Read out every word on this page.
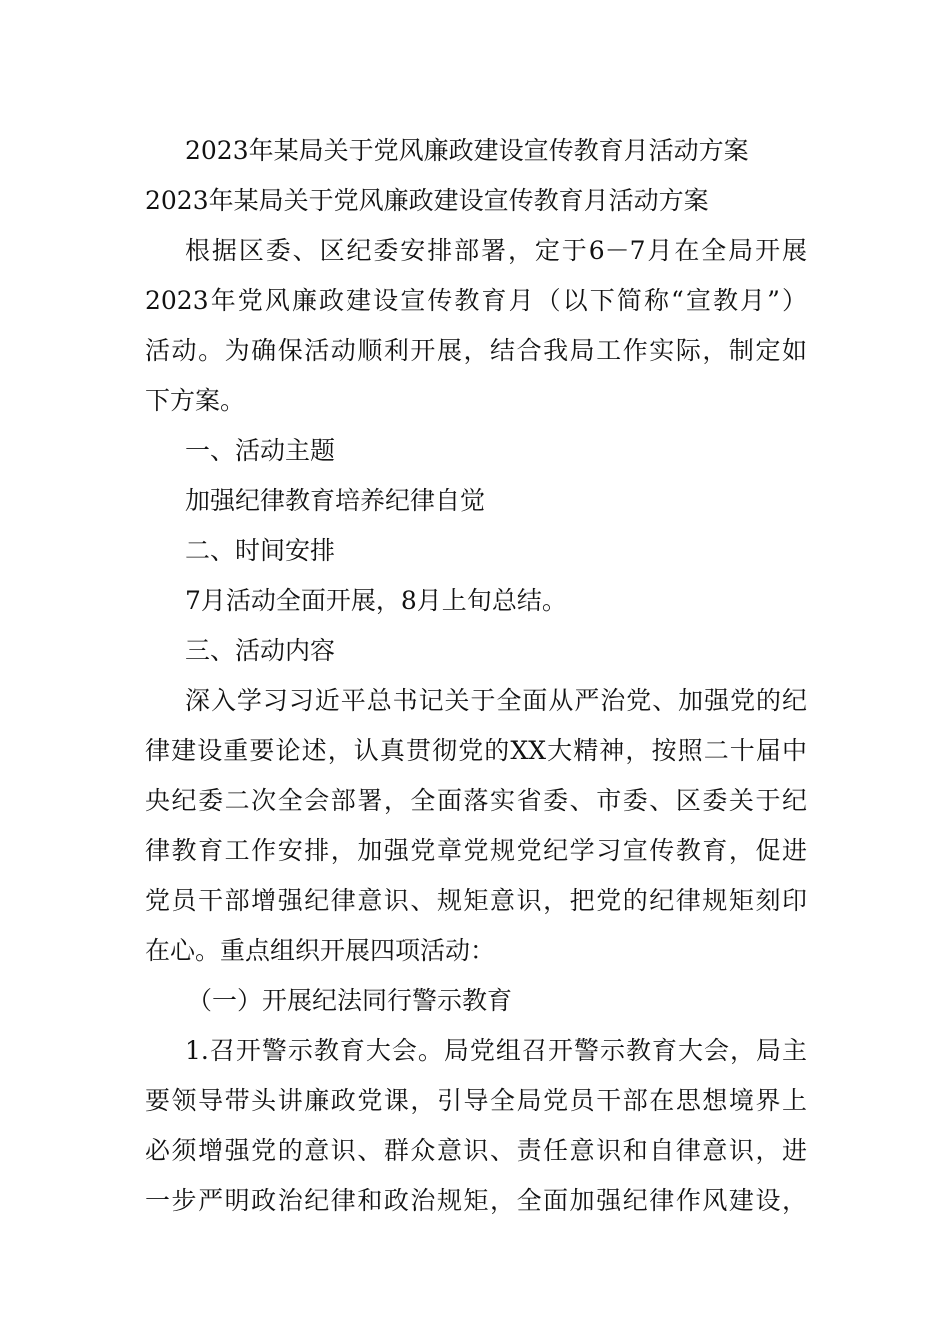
2023年某局关于党风廉政建设宣传教育月活动方案
2023年某局关于党风廉政建设宣传教育月活动方案
根据区委、区纪委安排部署，定于6－7月在全局开展
2023年党风廉政建设宣传教育月（以下简称“宣教月”）
活动。为确保活动顺利开展，结合我局工作实际，制定如
下方案。
一、活动主题
加强纪律教育培养纪律自觉
二、时间安排
7月活动全面开展，8月上旬总结。
三、活动内容
深入学习习近平总书记关于全面从严治党、加强党的纪
律建设重要论述，认真贯彻党的XX大精神，按照二十届中
央纪委二次全会部署，全面落实省委、市委、区委关于纪
律教育工作安排，加强党章党规党纪学习宣传教育，促进
党员干部增强纪律意识、规矩意识，把党的纪律规矩刻印
在心。重点组织开展四项活动：
（一）开展纪法同行警示教育
1.召开警示教育大会。局党组召开警示教育大会，局主
要领导带头讲廉政党课，引导全局党员干部在思想境界上
必须增强党的意识、群众意识、责任意识和自律意识，进
一步严明政治纪律和政治规矩，全面加强纪律作风建设，
